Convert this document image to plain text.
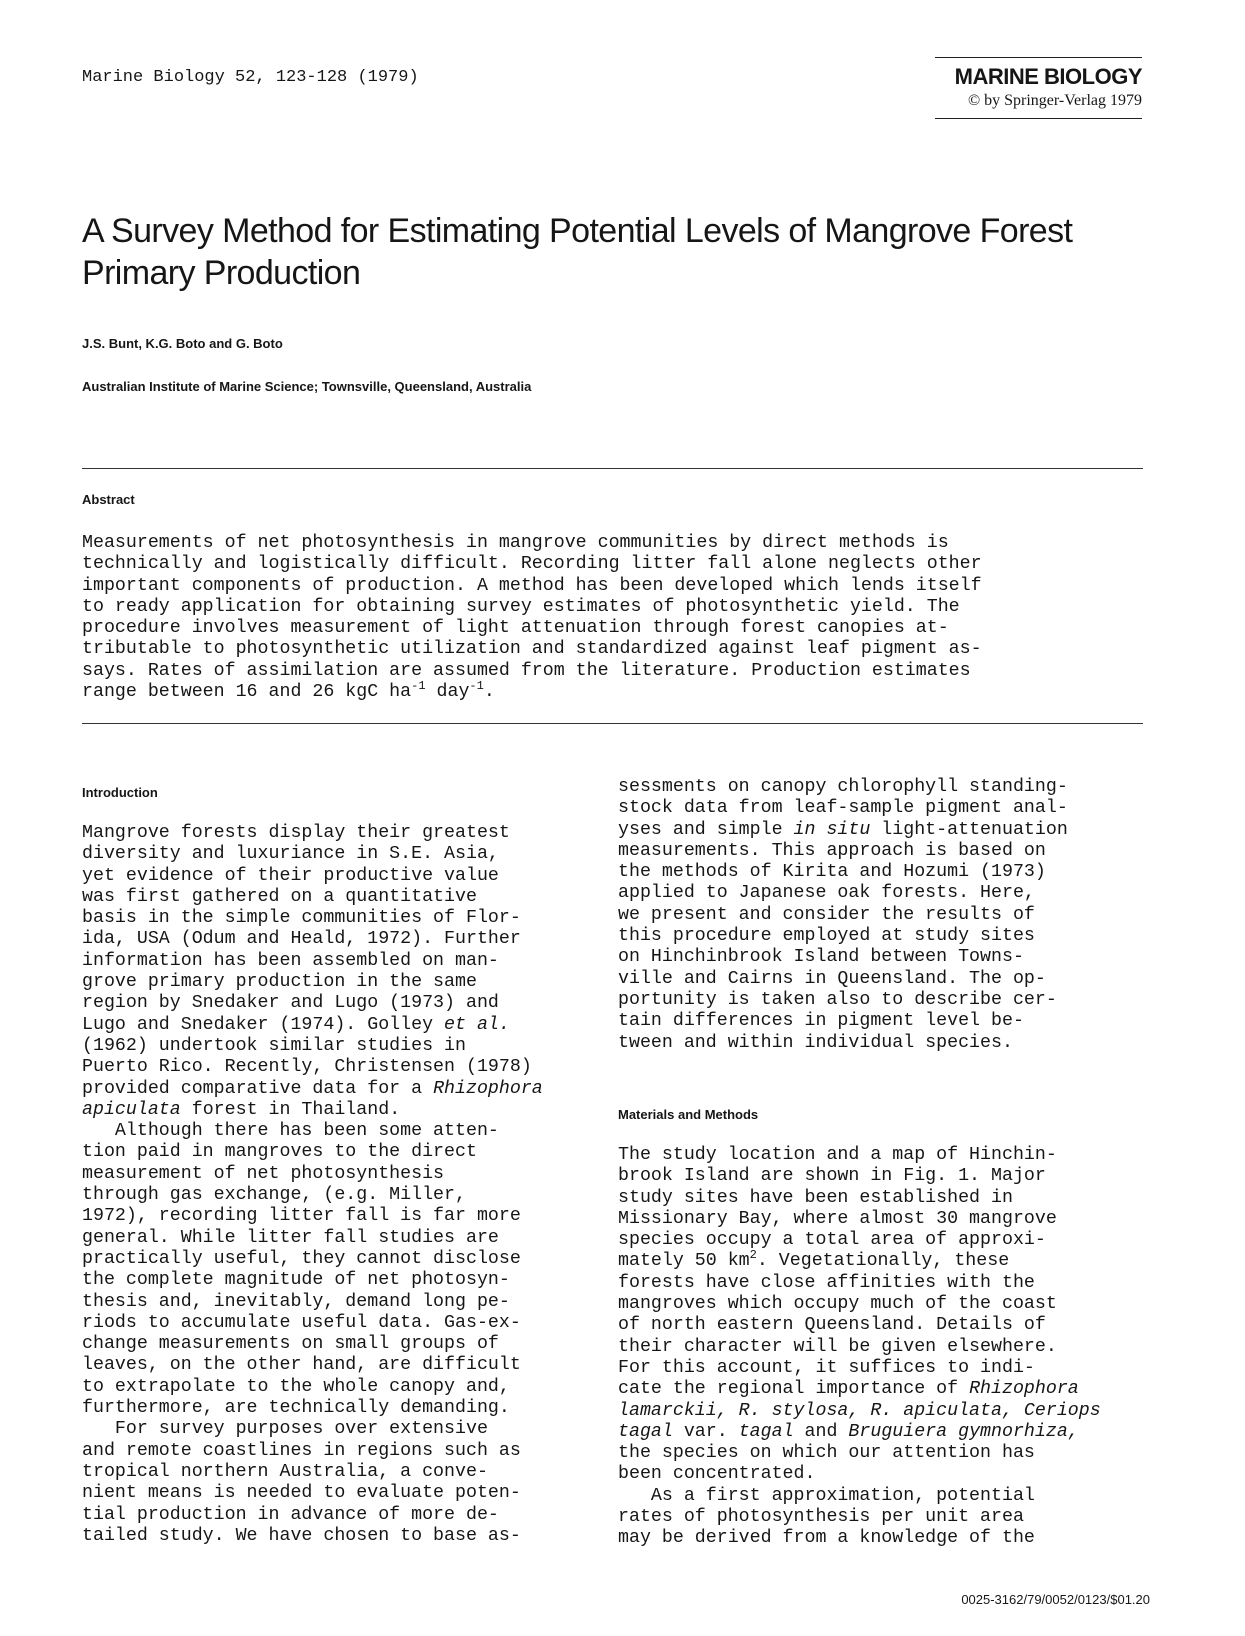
Marine Biology 52, 123-128 (1979)	MARINE BIOLOGY
© by Springer-Verlag 1979
A Survey Method for Estimating Potential Levels of Mangrove Forest Primary Production
J.S. Bunt, K.G. Boto and G. Boto
Australian Institute of Marine Science; Townsville, Queensland, Australia
Abstract
Measurements of net photosynthesis in mangrove communities by direct methods is
technically and logistically difficult. Recording litter fall alone neglects other
important components of production. A method has been developed which lends itself
to ready application for obtaining survey estimates of photosynthetic yield. The
procedure involves measurement of light attenuation through forest canopies at-
tributable to photosynthetic utilization and standardized against leaf pigment as-
says. Rates of assimilation are assumed from the literature. Production estimates
range between 16 and 26 kgC $ha^{-1}$ day$^{-1}$.
Introduction
Mangrove forests display their greatest
diversity and luxuriance in S.E. Asia,
yet evidence of their productive value
was first gathered on a quantitative
basis in the simple communities of Flor-
ida, USA (Odum and Heald, 1972). Further
information has been assembled on man-
grove primary production in the same
region by Snedaker and Lugo (1973) and
Lugo and Snedaker (1974). Golley et al.
(1962) undertook similar studies in
Puerto Rico. Recently, Christensen (1978)
provided comparative data for a Rhizophora
apiculata forest in Thailand.
Although there has been some atten-
tion paid in mangroves to the direct
measurement of net photosynthesis
through gas exchange, (e.g. Miller,
1972), recording litter fall is far more
general. While litter fall studies are
practically useful, they cannot disclose
the complete magnitude of net photosyn-
thesis and, inevitably, demand long pe-
riods to accumulate useful data. Gas-ex-
change measurements on small groups of
leaves, on the other hand, are difficult
to extrapolate to the whole canopy and,
furthermore, are technically demanding.
For survey purposes over extensive
and remote coastlines in regions such as
tropical northern Australia, a conve-
nient means is needed to evaluate poten-
tial production in advance of more de-
tailed study. We have chosen to base as-
sessments on canopy chlorophyll standing-
stock data from leaf-sample pigment anal-
yses and simple in situ light-attenuation
measurements. This approach is based on
the methods of Kirita and Hozumi (1973)
applied to Japanese oak forests. Here,
we present and consider the results of
this procedure employed at study sites
on Hinchinbrook Island between Towns-
ville and Cairns in Queensland. The op-
portunity is taken also to describe cer-
tain differences in pigment level be-
tween and within individual species.
Materials and Methods
The study location and a map of Hinchin-
brook Island are shown in Fig. 1. Major
study sites have been established in
Missionary Bay, where almost 30 mangrove
species occupy a total area of approxi-
mately 50 $km^2$. Vegetationally, these
forests have close affinities with the
mangroves which occupy much of the coast
of north eastern Queensland. Details of
their character will be given elsewhere.
For this account, it suffices to indi-
cate the regional importance of Rhizophora
lamarckii, R. stylosa, R. apiculata, Ceriops
tagal var. tagal and Bruguiera gymnorhiza,
the species on which our attention has
been concentrated.
As a first approximation, potential
rates of photosynthesis per unit area
may be derived from a knowledge of the
0025-3162/79/0052/0123/$01.20
